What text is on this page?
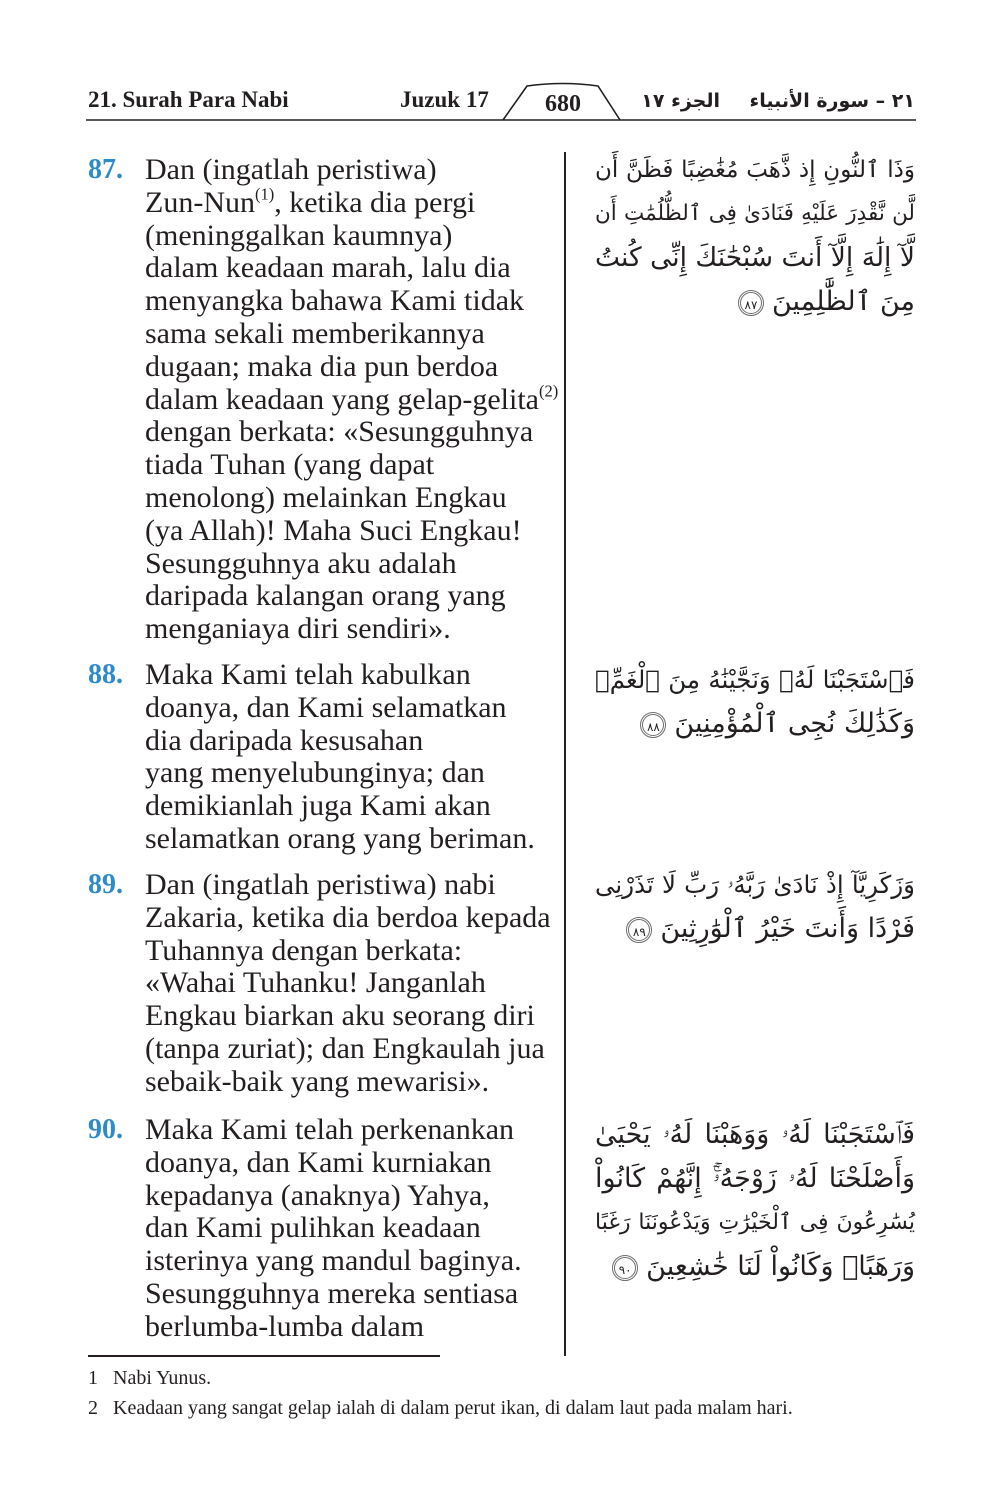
21. Surah Para Nabi	Juzuk 17	680	الجزء ١٧ ٢١ – سورة الأنبياء
87. Dan (ingatlah peristiwa)
Zun-Nun$^{(1)}$, ketika dia pergi
(meninggalkan kaumnya)
dalam keadaan marah, lalu dia
menyangka bahawa Kami tidak
sama sekali memberikannya
dugaan; maka dia pun berdoa
dalam keadaan yang gelap-gelita$^{(2)}$
dengan berkata: «Sesungguhnya
tiada Tuhan (yang dapat
menolong) melainkan Engkau
(ya Allah)! Maha Suci Engkau!
Sesungguhnya aku adalah
daripada kalangan orang yang
menganiaya diri sendiri».
88. Maka Kami telah kabulkan
doanya, dan Kami selamatkan
dia daripada kesusahan
yang menyelubunginya; dan
demikianlah juga Kami akan
selamatkan orang yang beriman.
89. Dan (ingatlah peristiwa) nabi
Zakaria, ketika dia berdoa kepada
Tuhannya dengan berkata:
«Wahai Tuhanku! Janganlah
Engkau biarkan aku seorang diri
(tanpa zuriat); dan Engkaulah jua
sebaik-baik yang mewarisi».
90. Maka Kami telah perkenankan
doanya, dan Kami kurniakan
kepadanya (anaknya) Yahya,
dan Kami pulihkan keadaan
isterinya yang mandul baginya.
Sesungguhnya mereka sentiasa
berlumba-lumba dalam
وَذَا ٱلنُّونِ إِذ ذَّهَبَ مُغَٰضِبًا فَظَنَّ أَن
لَّن نَّقْدِرَ عَلَيْهِ فَنَادَىٰ فِى ٱلظُّلُمَٰتِ أَن
لَّآ إِلَٰهَ إِلَّآ أَنتَ سُبْحَٰنَكَ إِنِّى كُنتُ
مِنَ ٱلظَّٰلِمِينَ٨٧
فَٱسْتَجَبْنَا لَهُۥ وَنَجَّيْنَٰهُ مِنَ ٱلْغَمِّۚ
وَكَذَٰلِكَ نُجِى ٱلْمُؤْمِنِينَ٨٨
وَزَكَرِيَّآ إِذْ نَادَىٰ رَبَّهُۥ رَبِّ لَا تَذَرْنِى
فَرْدًا وَأَنتَ خَيْرُ ٱلْوَٰرِثِينَ٨٩
فَٱسْتَجَبْنَا لَهُۥ وَوَهَبْنَا لَهُۥ يَحْيَىٰ
وَأَصْلَحْنَا لَهُۥ زَوْجَهُۥٓۚ إِنَّهُمْ كَانُواْ
يُسَٰرِعُونَ فِى ٱلْخَيْرَٰتِ وَيَدْعُونَنَا رَغَبًا
وَرَهَبًاۖ وَكَانُواْ لَنَا خَٰشِعِينَ٩٠
1 Nabi Yunus.
2 Keadaan yang sangat gelap ialah di dalam perut ikan, di dalam laut pada malam hari.
